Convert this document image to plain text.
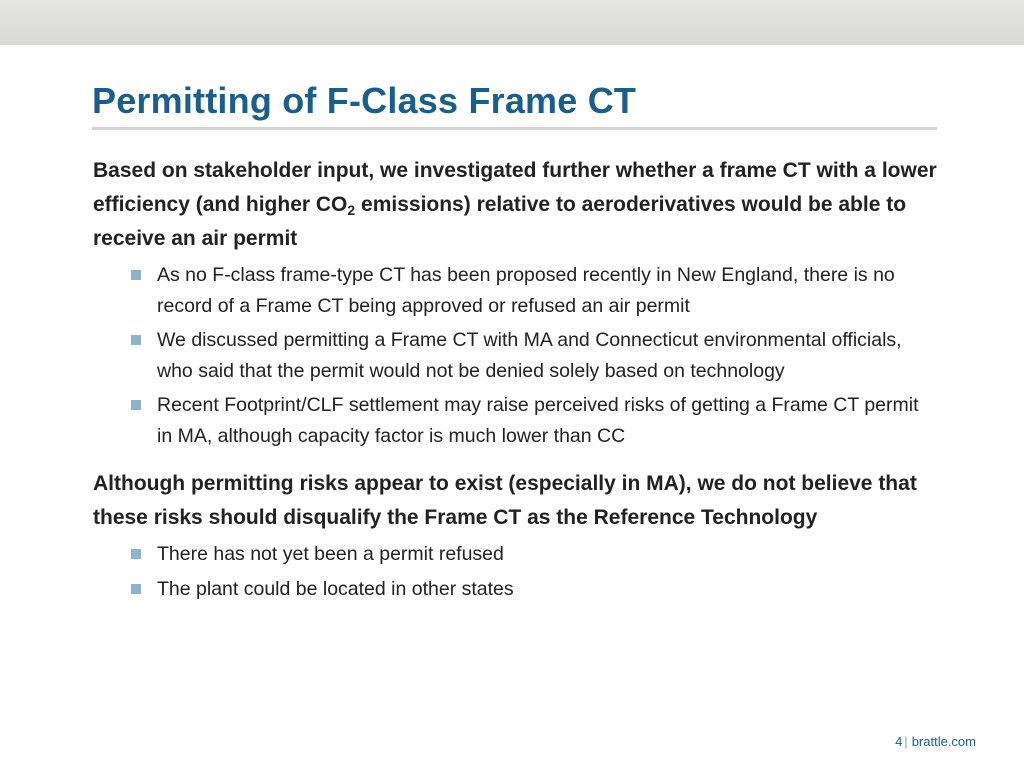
Permitting of F-Class Frame CT

Based on stakeholder input, we investigated further whether a frame CT with a lower efficiency (and higher $CO_2$ emissions) relative to aeroderivatives would be able to receive an air permit

As no F-class frame-type CT has been proposed recently in New England, there is no record of a Frame CT being approved or refused an air permit
We discussed permitting a Frame CT with MA and Connecticut environmental officials, who said that the permit would not be denied solely based on technology
Recent Footprint/CLF settlement may raise perceived risks of getting a Frame CT permit in MA, although capacity factor is much lower than CC

Although permitting risks appear to exist (especially in MA), we do not believe that these risks should disqualify the Frame CT as the Reference Technology

There has not yet been a permit refused
The plant could be located in other states
4 | brattle.com
